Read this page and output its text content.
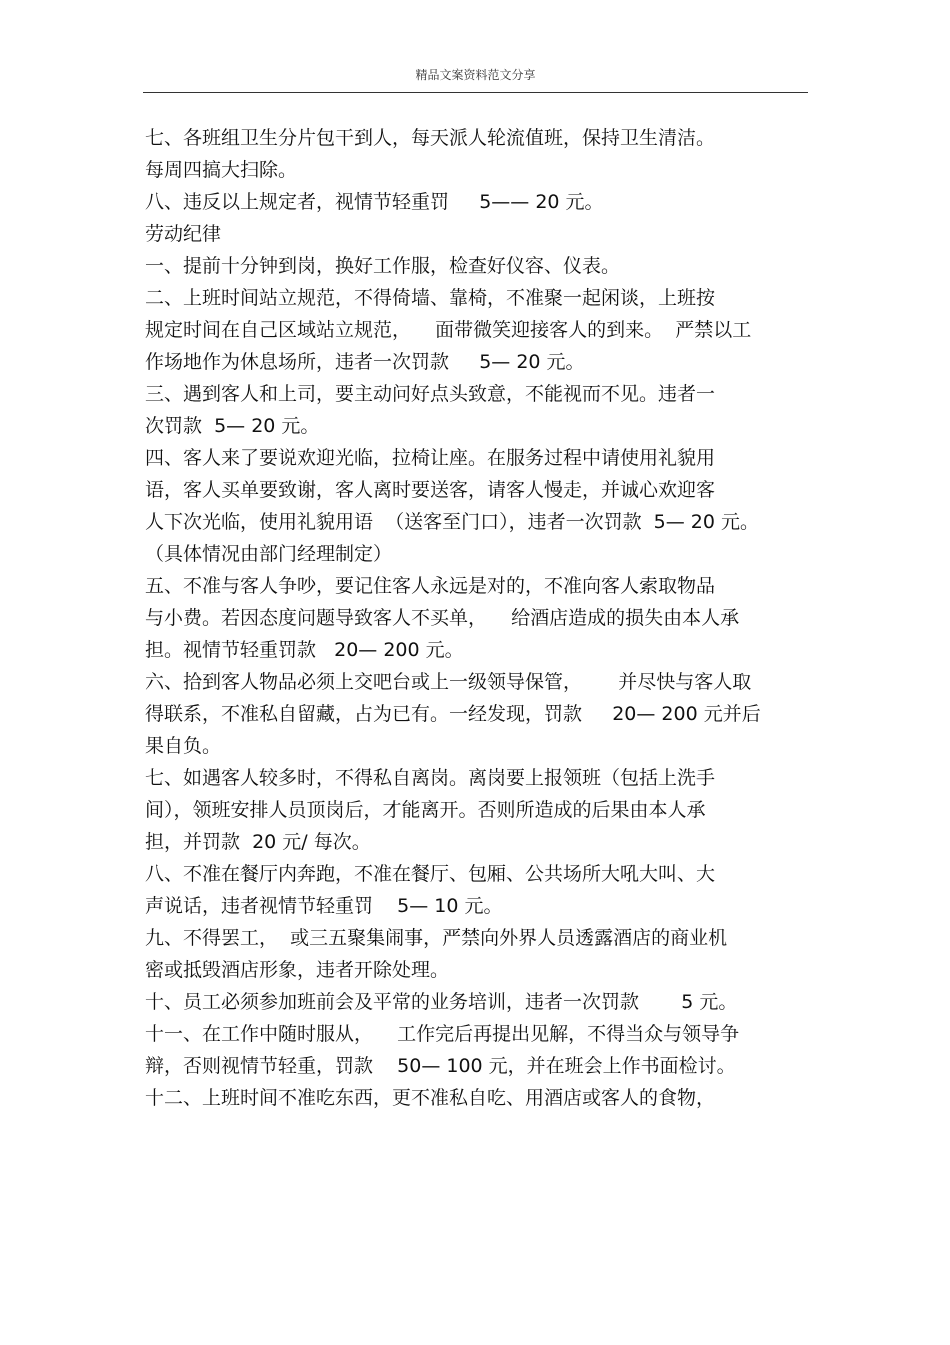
精品文案资料范文分享
七、各班组卫生分片包干到人，每天派人轮流值班，保持卫生清洁。
每周四搞大扫除。
八、违反以上规定者，视情节轻重罚     5—— 20 元。
劳动纪律
一、提前十分钟到岗，换好工作服，检查好仪容、仪表。
二、上班时间站立规范，不得倚墙、靠椅，不准聚一起闲谈，上班按
规定时间在自己区域站立规范，    面带微笑迎接客人的到来。  严禁以工
作场地作为休息场所，违者一次罚款     5— 20 元。
三、遇到客人和上司，要主动问好点头致意，不能视而不见。违者一
次罚款  5— 20 元。
四、客人来了要说欢迎光临，拉椅让座。在服务过程中请使用礼貌用
语，客人买单要致谢，客人离时要送客，请客人慢走，并诚心欢迎客
人下次光临，使用礼貌用语  （送客至门口），违者一次罚款  5— 20 元。
（具体情况由部门经理制定）
五、不准与客人争吵，要记住客人永远是对的，不准向客人索取物品
与小费。若因态度问题导致客人不买单，    给酒店造成的损失由本人承
担。视情节轻重罚款   20— 200 元。
六、拾到客人物品必须上交吧台或上一级领导保管，      并尽快与客人取
得联系，不准私自留藏，占为已有。一经发现，罚款     20— 200 元并后
果自负。
七、如遇客人较多时，不得私自离岗。离岗要上报领班（包括上洗手
间），领班安排人员顶岗后，才能离开。否则所造成的后果由本人承
担，并罚款  20 元/ 每次。
八、不准在餐厅内奔跑，不准在餐厅、包厢、公共场所大吼大叫、大
声说话，违者视情节轻重罚    5— 10 元。
九、不得罢工，  或三五聚集闹事，严禁向外界人员透露酒店的商业机
密或抵毁酒店形象，违者开除处理。
十、员工必须参加班前会及平常的业务培训，违者一次罚款       5 元。
十一、在工作中随时服从，    工作完后再提出见解，不得当众与领导争
辩，否则视情节轻重，罚款    50— 100 元，并在班会上作书面检讨。
十二、上班时间不准吃东西，更不准私自吃、用酒店或客人的食物，
